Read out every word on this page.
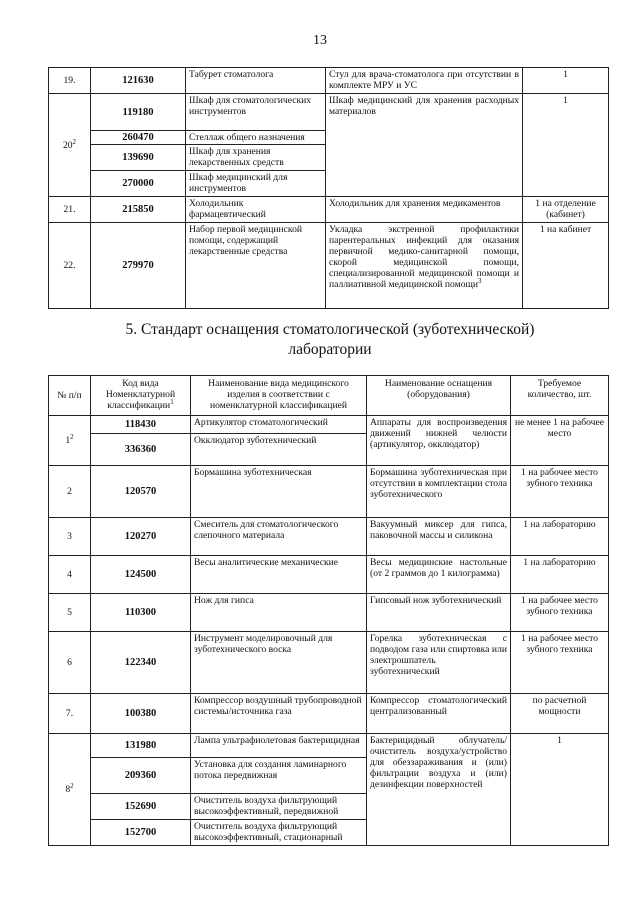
13
19.	121630	Табурет стоматолога	Стул для врача-стоматолога при отсутствии в комплекте МРУ и УС	1
$20^2$	119180	Шкаф для стоматологических инструментов	Шкаф медицинский для хранения расходных материалов	1
	260470	Стеллаж общего назначения		
	139690	Шкаф для хранения лекарственных средств		
	270000	Шкаф медицинский для инструментов		
21.	215850	Холодильник фармацевтический	Холодильник для хранения медикаментов	1 на отделение (кабинет)
22.	279970	Набор первой медицинской помощи, содержащий лекарственные средства	Укладка экстренной профилактики парентеральных инфекций для оказания первичной медико-санитарной помощи, скорой медицинской помощи, специализированной медицинской помощи и паллиативной медицинской помощи$^3$	1 на кабинет
5. Стандарт оснащения стоматологической (зуботехнической) лаборатории
№ п/п	Код вида Номенклатурной классификации$^1$	Наименование вида медицинского изделия в соответствии с номенклатурной классификацией	Наименование оснащения (оборудования)	Требуемое количество, шт.
$1^2$	118430	Артикулятор стоматологический	Аппараты для воспроизведения движений нижней челюсти (артикулятор, окклюдатор)	не менее 1 на рабочее место
	336360	Окклюдатор зуботехнический		
2	120570	Бормашина зуботехническая	Бормашина зуботехническая при отсутствии в комплектации стола зуботехнического	1 на рабочее место зубного техника
3	120270	Смеситель для стоматологического слепочного материала	Вакуумный миксер для гипса, паковочной массы и силикона	1 на лабораторию
4	124500	Весы аналитические механические	Весы медицинские настольные (от 2 граммов до 1 килограмма)	1 на лабораторию
5	110300	Нож для гипса	Гипсовый нож зуботехнический	1 на рабочее место зубного техника
6	122340	Инструмент моделировочный для зуботехнического воска	Горелка зуботехническая с подводом газа или спиртовка или электрошпатель зуботехнический	1 на рабочее место зубного техника
7.	100380	Компрессор воздушный трубопроводной системы/источника газа	Компрессор стоматологический централизованный	по расчетной мощности
$8^2$	131980	Лампа ультрафиолетовая бактерицидная	Бактерицидный облучатель/очиститель воздуха/устройство для обеззараживания и (или) фильтрации воздуха и (или) дезинфекции поверхностей	1
	209360	Установка для создания ламинарного потока передвижная		
	152690	Очиститель воздуха фильтрующий высокоэффективный, передвижной		
	152700	Очиститель воздуха фильтрующий высокоэффективный, стационарный		
